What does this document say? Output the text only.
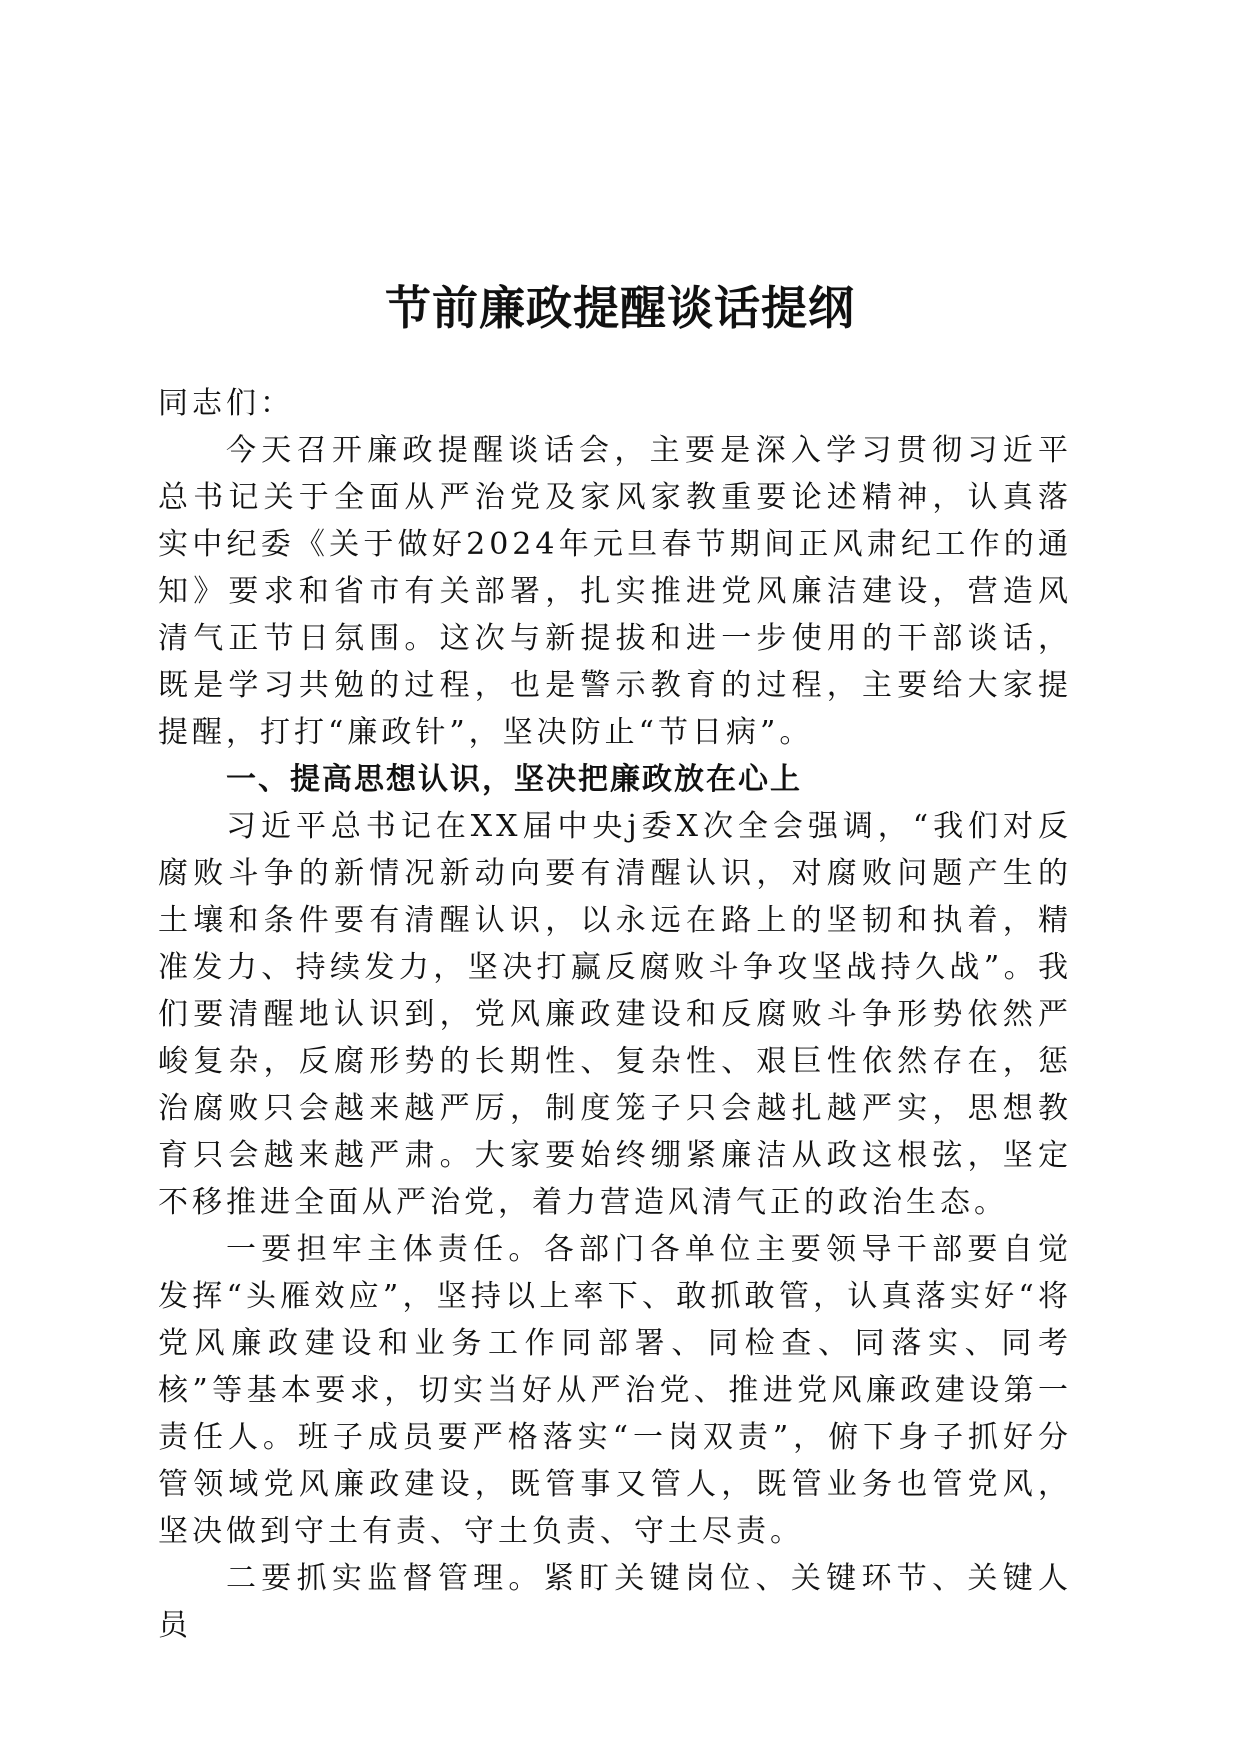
节前廉政提醒谈话提纲

同志们：

今天召开廉政提醒谈话会，主要是深入学习贯彻习近平总书记关于全面从严治党及家风家教重要论述精神，认真落实中纪委《关于做好2024年元旦春节期间正风肃纪工作的通知》要求和省市有关部署，扎实推进党风廉洁建设，营造风清气正节日氛围。这次与新提拔和进一步使用的干部谈话，既是学习共勉的过程，也是警示教育的过程，主要给大家提提醒，打打“廉政针”，坚决防止“节日病”。

一、提高思想认识，坚决把廉政放在心上

习近平总书记在XX届中央j委X次全会强调，“我们对反腐败斗争的新情况新动向要有清醒认识，对腐败问题产生的土壤和条件要有清醒认识，以永远在路上的坚韧和执着，精准发力、持续发力，坚决打赢反腐败斗争攻坚战持久战”。我们要清醒地认识到，党风廉政建设和反腐败斗争形势依然严峻复杂，反腐形势的长期性、复杂性、艰巨性依然存在，惩治腐败只会越来越严厉，制度笼子只会越扎越严实，思想教育只会越来越严肃。大家要始终绷紧廉洁从政这根弦，坚定不移推进全面从严治党，着力营造风清气正的政治生态。

一要担牢主体责任。各部门各单位主要领导干部要自觉发挥“头雁效应”，坚持以上率下、敢抓敢管，认真落实好“将党风廉政建设和业务工作同部署、同检查、同落实、同考核”等基本要求，切实当好从严治党、推进党风廉政建设第一责任人。班子成员要严格落实“一岗双责”，俯下身子抓好分管领域党风廉政建设，既管事又管人，既管业务也管党风，坚决做到守土有责、守土负责、守土尽责。

二要抓实监督管理。紧盯关键岗位、关键环节、关键人员
